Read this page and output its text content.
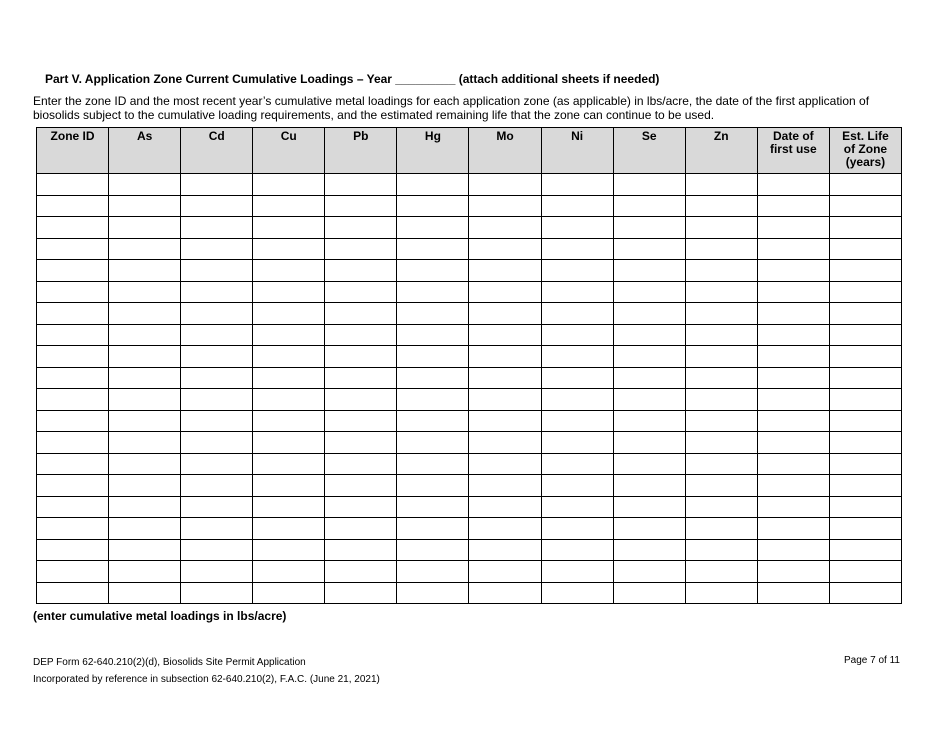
Part V. Application Zone Current Cumulative Loadings – Year _________ (attach additional sheets if needed)
Enter the zone ID and the most recent year’s cumulative metal loadings for each application zone (as applicable) in lbs/acre, the date of the first application of biosolids subject to the cumulative loading requirements, and the estimated remaining life that the zone can continue to be used.
Zone ID	As	Cd	Cu	Pb	Hg	Mo	Ni	Se	Zn	Date of first use	Est. Life of Zone (years)

(enter cumulative metal loadings in lbs/acre)
DEP Form 62-640.210(2)(d), Biosolids Site Permit Application
Incorporated by reference in subsection 62-640.210(2), F.A.C. (June 21, 2021)
Page 7 of 11
